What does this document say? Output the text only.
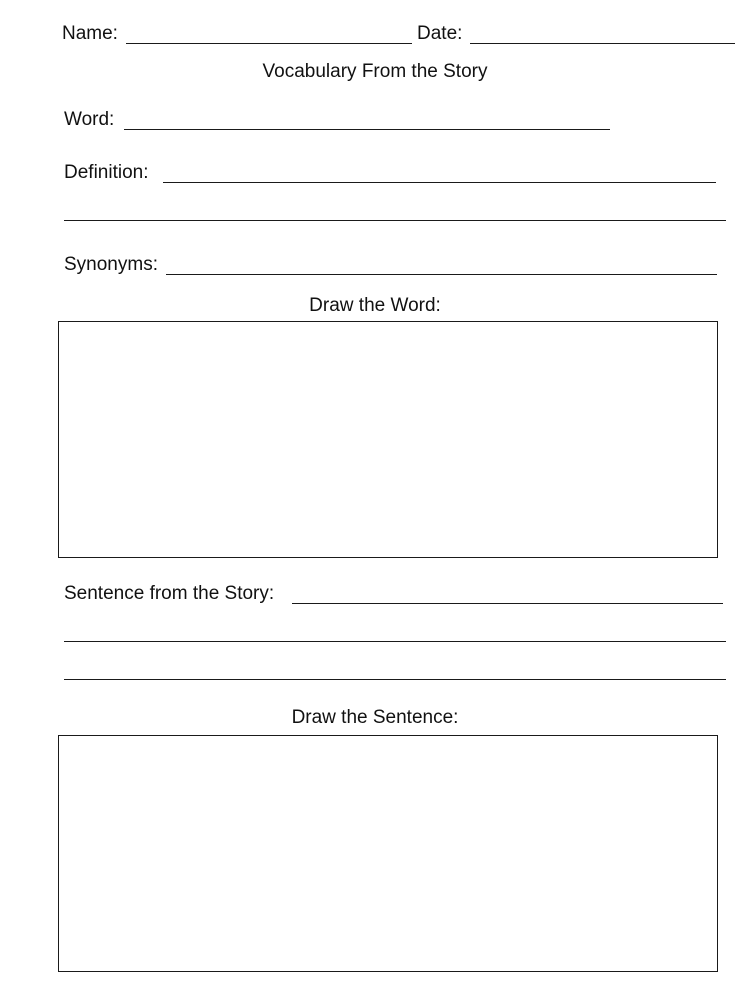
Name:	Date:
Vocabulary From the Story
Word:
Definition:
Synonyms:
Draw the Word:
Sentence from the Story:
Draw the Sentence:
